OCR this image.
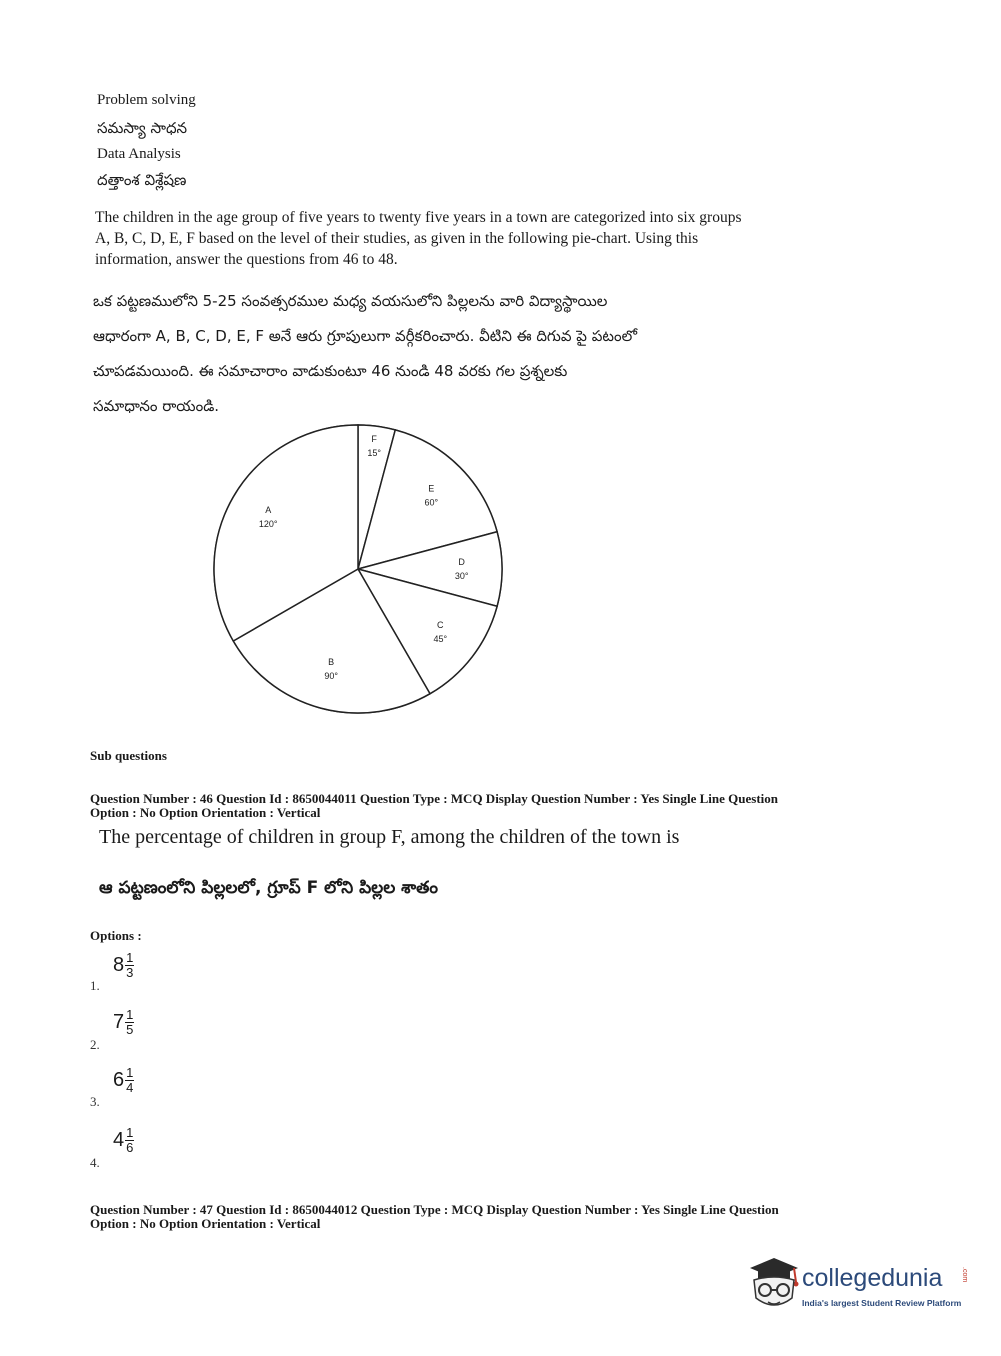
Problem solving
సమస్యా సాధన
Data Analysis
దత్తాంశ విశ్లేషణ
The children in the age group of five years to twenty five years in a town are categorized into six groups A, B, C, D, E, F based on the level of their studies, as given in the following pie-chart. Using this information, answer the questions from 46 to 48.
ఒక పట్టణములోని 5-25 సంవత్సరముల మధ్య వయసులోని పిల్లలను వారి విద్యాస్థాయిల
ఆధారంగా A, B, C, D, E, F అనే ఆరు గ్రూపులుగా వర్గీకరించారు. వీటిని ఈ దిగువ పై పటంలో
చూపడమయింది. ఈ సమాచారాం వాడుకుంటూ 46 నుండి 48 వరకు గల ప్రశ్నలకు
సమాధానం రాయండి.
F
15°
E
60°
D
30°
C
45°
B
90°
A
120°
Sub questions
Question Number : 46 Question Id : 8650044011 Question Type : MCQ Display Question Number : Yes Single Line Question
Option : No Option Orientation : Vertical
The percentage of children in group F, among the children of the town is
ఆ పట్టణంలోని పిల్లలలో, గ్రూప్ F లోని పిల్లల శాతం
Options :
1.
$8 \frac{1}{3}$
2.
$7 \frac{1}{5}$
3.
$6 \frac{1}{4}$
4.
$4 \frac{1}{6}$
Question Number : 47 Question Id : 8650044012 Question Type : MCQ Display Question Number : Yes Single Line Question
Option : No Option Orientation : Vertical
collegedunia	.com
India's largest Student Review Platform
